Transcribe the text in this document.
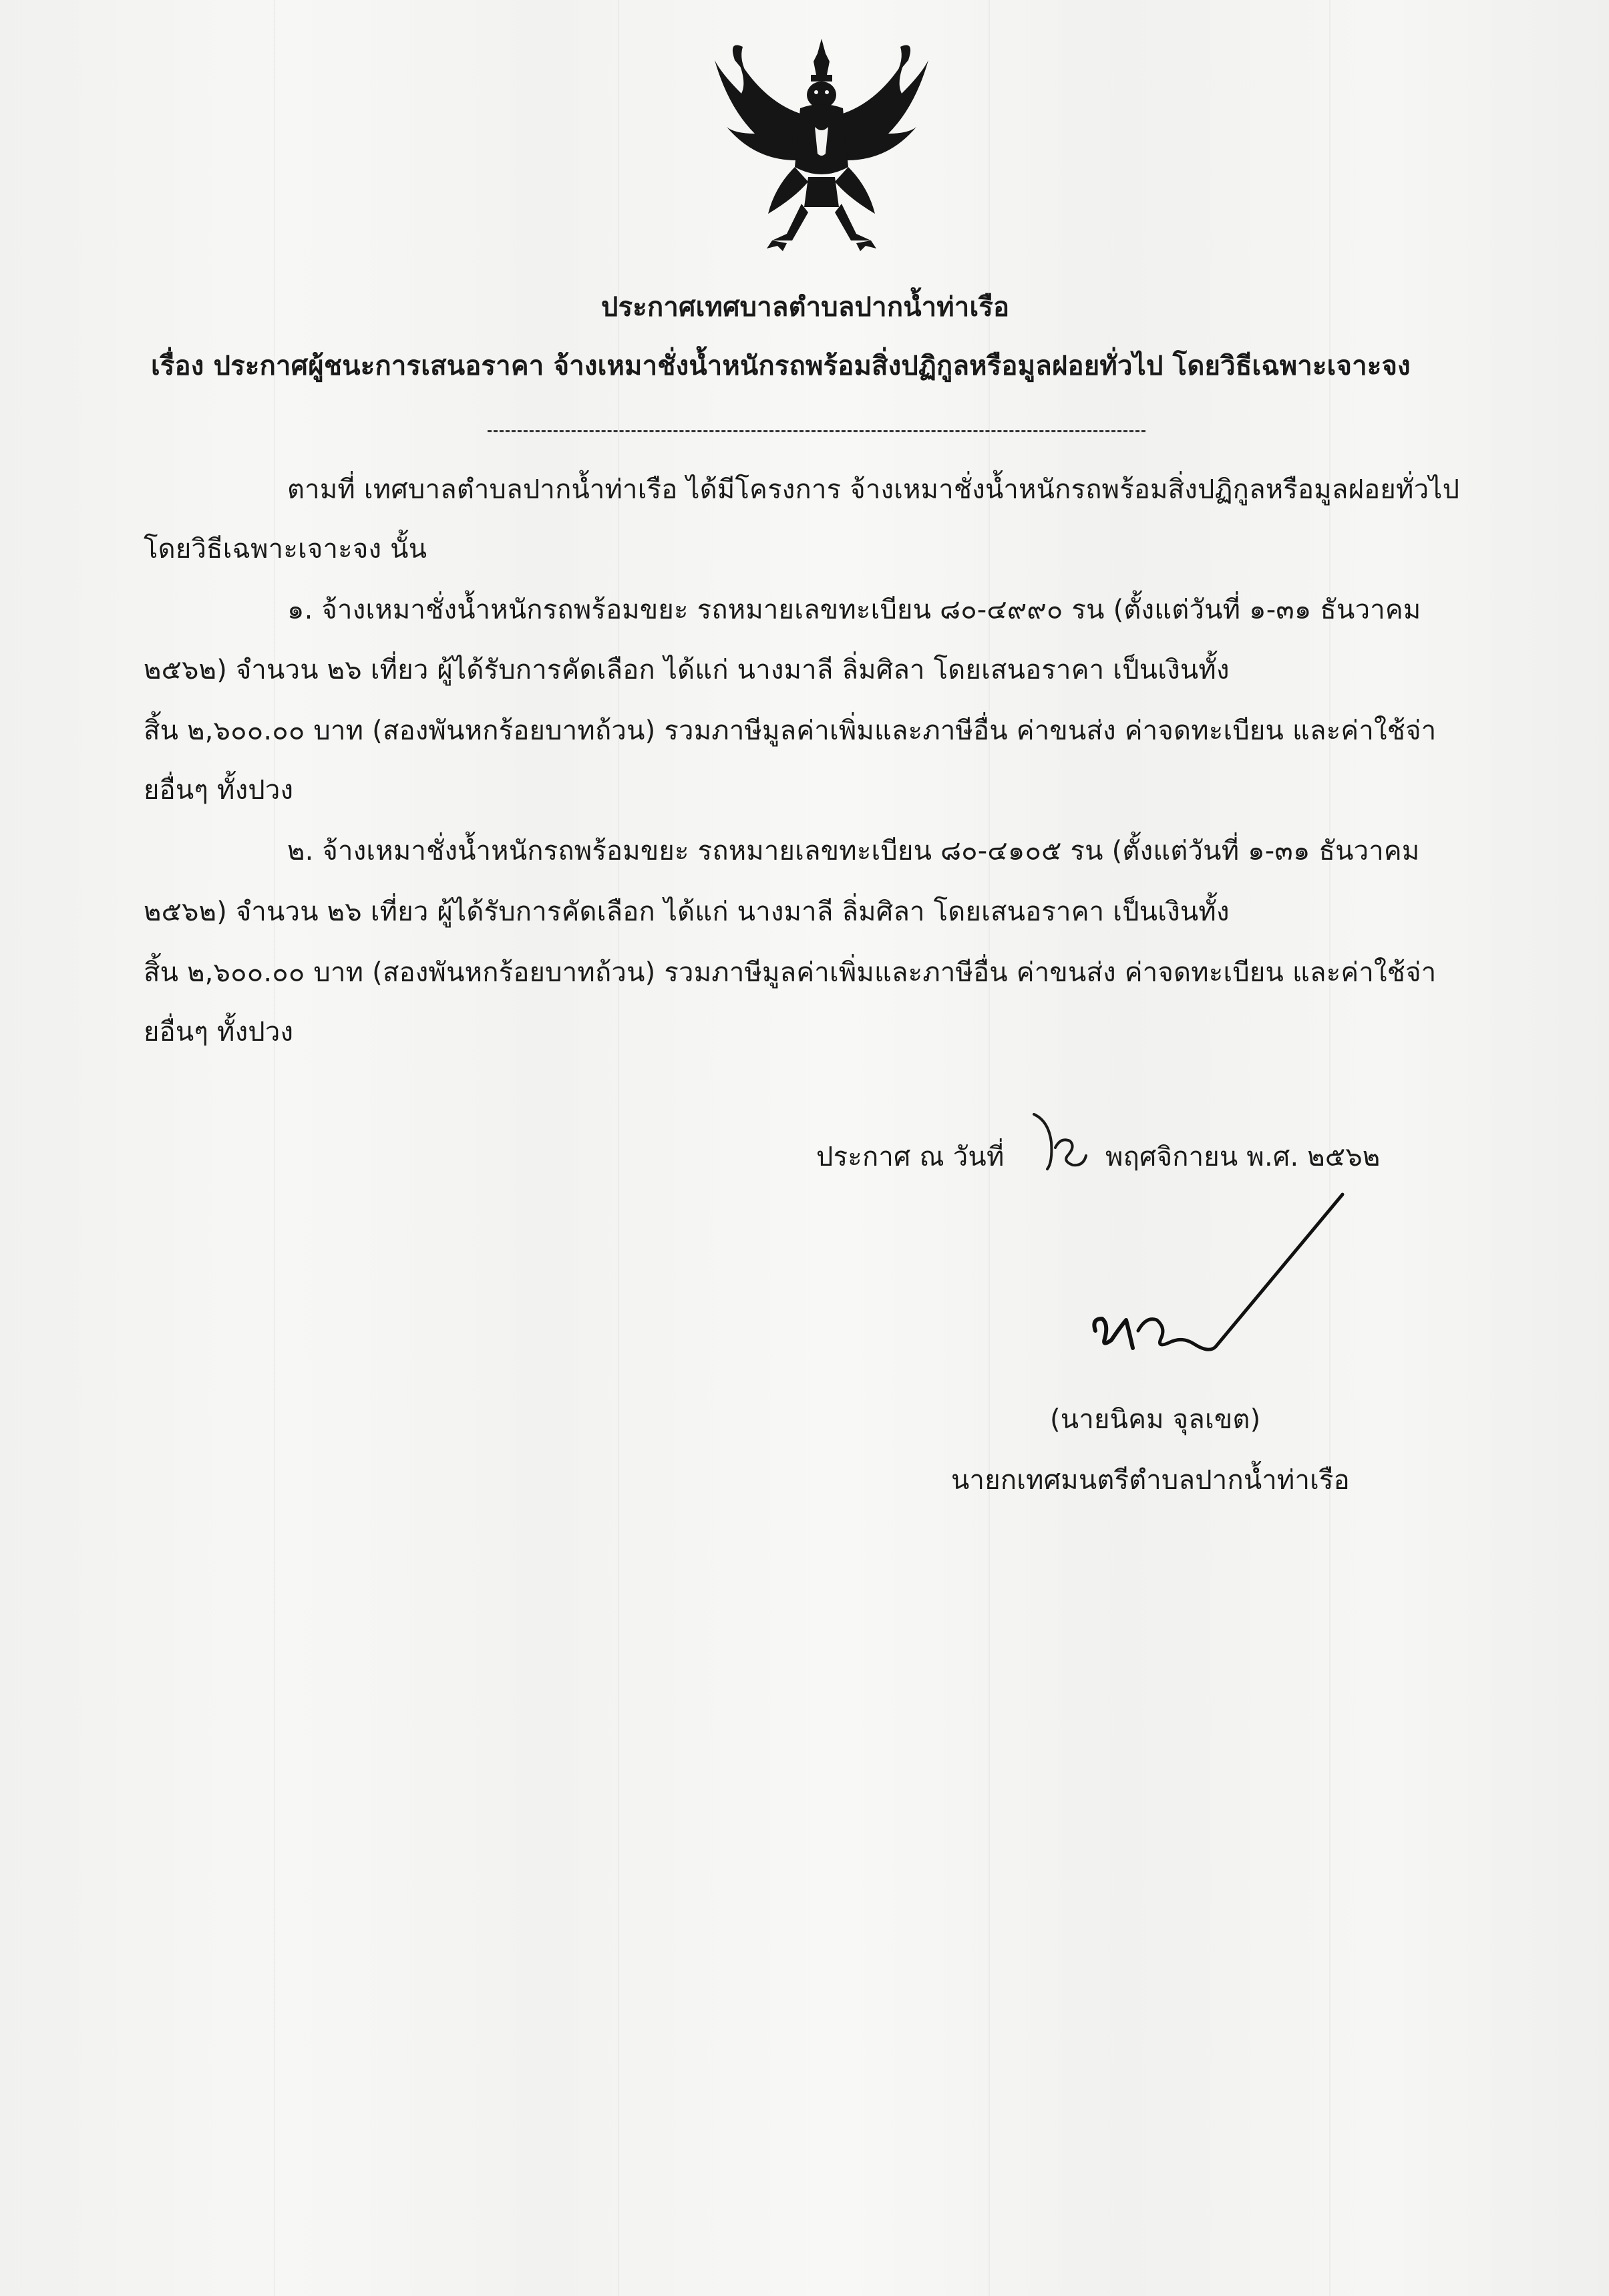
ประกาศเทศบาลตำบลปากน้ำท่าเรือ
เรื่อง ประกาศผู้ชนะการเสนอราคา จ้างเหมาชั่งน้ำหนักรถพร้อมสิ่งปฏิกูลหรือมูลฝอยทั่วไป โดยวิธีเฉพาะเจาะจง
ตามที่ เทศบาลตำบลปากน้ำท่าเรือ ได้มีโครงการ จ้างเหมาชั่งน้ำหนักรถพร้อมสิ่งปฏิกูลหรือมูลฝอยทั่วไป
โดยวิธีเฉพาะเจาะจง นั้น
๑. จ้างเหมาชั่งน้ำหนักรถพร้อมขยะ รถหมายเลขทะเบียน ๘๐-๔๙๙๐ รน (ตั้งแต่วันที่ ๑-๓๑ ธันวาคม
๒๕๖๒) จำนวน ๒๖ เที่ยว ผู้ได้รับการคัดเลือก ได้แก่ นางมาลี ลิ่มศิลา โดยเสนอราคา เป็นเงินทั้ง
สิ้น ๒,๖๐๐.๐๐ บาท (สองพันหกร้อยบาทถ้วน) รวมภาษีมูลค่าเพิ่มและภาษีอื่น ค่าขนส่ง ค่าจดทะเบียน และค่าใช้จ่า
ยอื่นๆ ทั้งปวง
๒. จ้างเหมาชั่งน้ำหนักรถพร้อมขยะ รถหมายเลขทะเบียน ๘๐-๔๑๐๕ รน (ตั้งแต่วันที่ ๑-๓๑ ธันวาคม
๒๕๖๒) จำนวน ๒๖ เที่ยว ผู้ได้รับการคัดเลือก ได้แก่ นางมาลี ลิ่มศิลา โดยเสนอราคา เป็นเงินทั้ง
สิ้น ๒,๖๐๐.๐๐ บาท (สองพันหกร้อยบาทถ้วน) รวมภาษีมูลค่าเพิ่มและภาษีอื่น ค่าขนส่ง ค่าจดทะเบียน และค่าใช้จ่า
ยอื่นๆ ทั้งปวง
ประกาศ ณ วันที่	พฤศจิกายน พ.ศ. ๒๕๖๒
(นายนิคม จุลเขต)
นายกเทศมนตรีตำบลปากน้ำท่าเรือ
